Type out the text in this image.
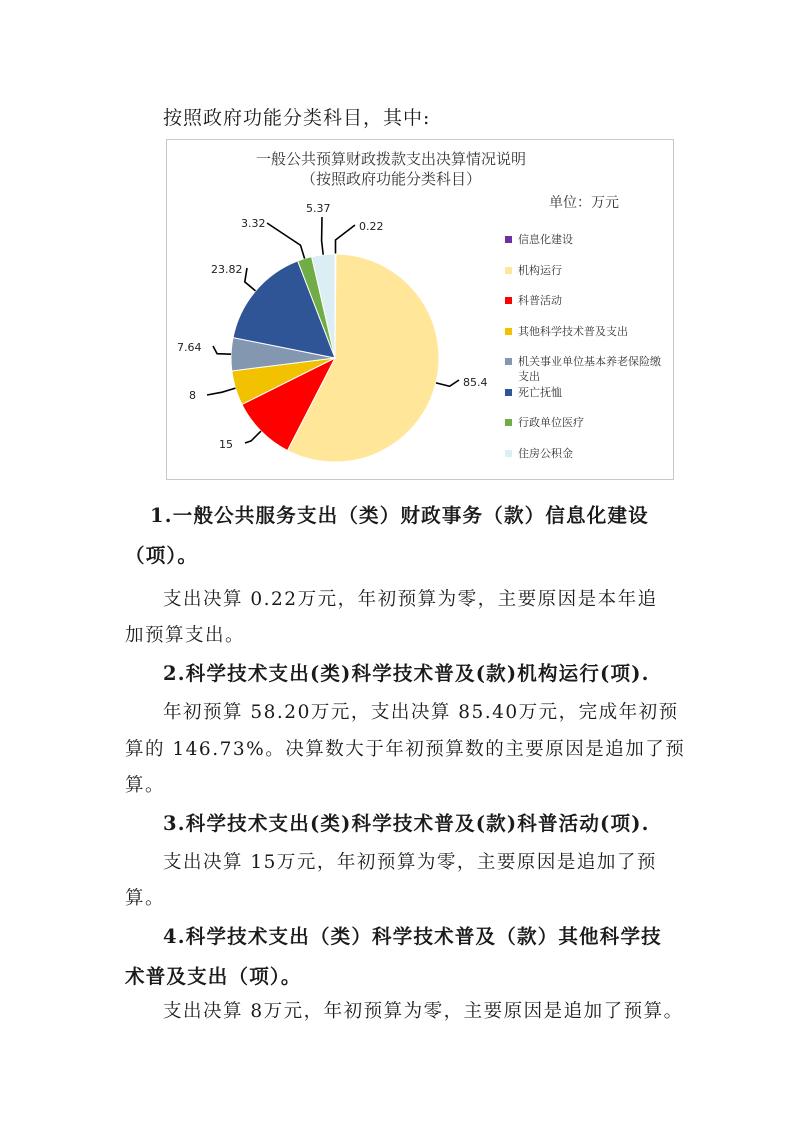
按照政府功能分类科目，其中:
0.22
85.4
15
8
7.64
23.82
3.32
5.37
一般公共预算财政拨款支出决算情况说明
（按照政府功能分类科目）
单位：万元
信息化建设
机构运行
科普活动
其他科学技术普及支出
机关事业单位基本养老保险缴支出
死亡抚恤
行政单位医疗
住房公积金
1.一般公共服务支出（类）财政事务（款）信息化建设
（项）。
支出决算 0.22万元，年初预算为零，主要原因是本年追
加预算支出。
2.科学技术支出(类)科学技术普及(款)机构运行(项).
年初预算 58.20万元，支出决算 85.40万元，完成年初预
算的 146.73%。决算数大于年初预算数的主要原因是追加了预
算。
3.科学技术支出(类)科学技术普及(款)科普活动(项).
支出决算 15万元，年初预算为零，主要原因是追加了预
算。
4.科学技术支出（类）科学技术普及（款）其他科学技
术普及支出（项）。
支出决算 8万元，年初预算为零，主要原因是追加了预算。
